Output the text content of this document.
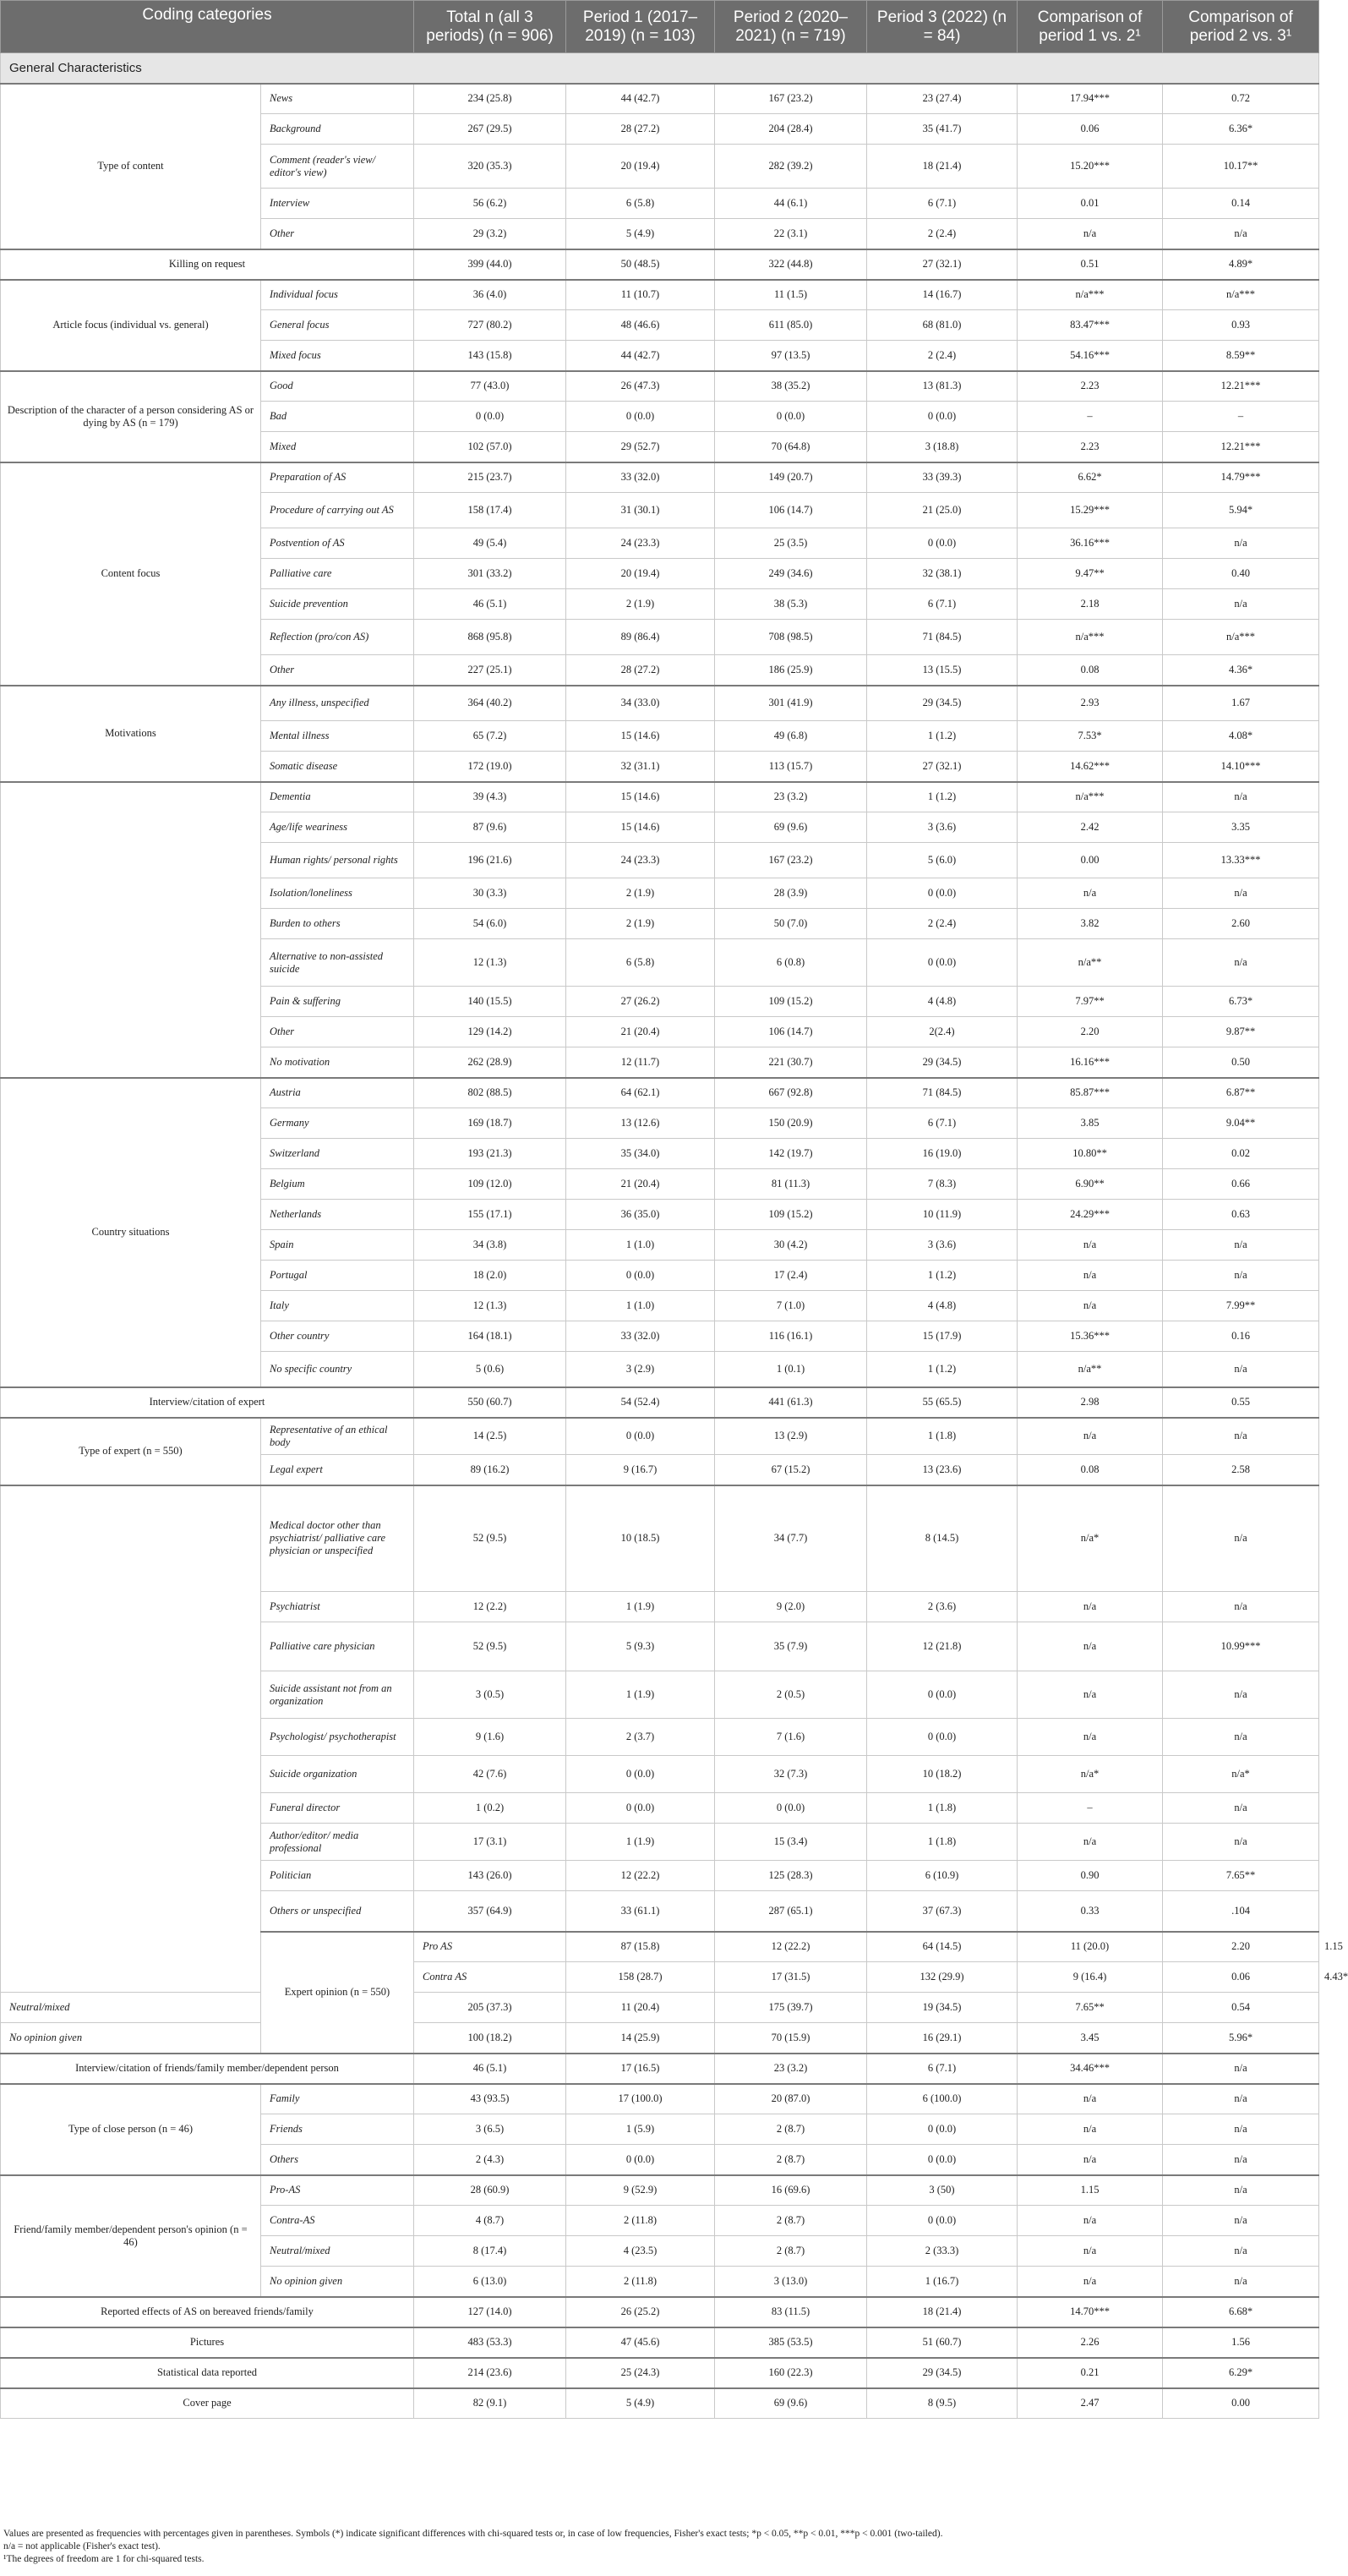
Coding categories		Total n (all 3 periods) (n = 906)	Period 1 (2017–2019) (n = 103)	Period 2 (2020–2021) (n = 719)	Period 3 (2022) (n = 84)	Comparison of period 1 vs. 2¹	Comparison of period 2 vs. 3¹	
General Characteristics								
Type of content	News	234 (25.8)	44 (42.7)	167 (23.2)	23 (27.4)	17.94***	0.72	
	Background	267 (29.5)	28 (27.2)	204 (28.4)	35 (41.7)	0.06	6.36*	
	Comment (reader's view/ editor's view)	320 (35.3)	20 (19.4)	282 (39.2)	18 (21.4)	15.20***	10.17**	
	Interview	56 (6.2)	6 (5.8)	44 (6.1)	6 (7.1)	0.01	0.14	
	Other	29 (3.2)	5 (4.9)	22 (3.1)	2 (2.4)	n/a	n/a	
Killing on request		399 (44.0)	50 (48.5)	322 (44.8)	27 (32.1)	0.51	4.89*	
Article focus (individual vs. general)	Individual focus	36 (4.0)	11 (10.7)	11 (1.5)	14 (16.7)	n/a***	n/a***	
	General focus	727 (80.2)	48 (46.6)	611 (85.0)	68 (81.0)	83.47***	0.93	
	Mixed focus	143 (15.8)	44 (42.7)	97 (13.5)	2 (2.4)	54.16***	8.59**	
Description of the character of a person considering AS or dying by AS (n = 179)	Good	77 (43.0)	26 (47.3)	38 (35.2)	13 (81.3)	2.23	12.21***	
	Bad	0 (0.0)	0 (0.0)	0 (0.0)	0 (0.0)	–	–	
	Mixed	102 (57.0)	29 (52.7)	70 (64.8)	3 (18.8)	2.23	12.21***	
Content focus	Preparation of AS	215 (23.7)	33 (32.0)	149 (20.7)	33 (39.3)	6.62*	14.79***	
	Procedure of carrying out AS	158 (17.4)	31 (30.1)	106 (14.7)	21 (25.0)	15.29***	5.94*	
	Postvention of AS	49 (5.4)	24 (23.3)	25 (3.5)	0 (0.0)	36.16***	n/a	
	Palliative care	301 (33.2)	20 (19.4)	249 (34.6)	32 (38.1)	9.47**	0.40	
	Suicide prevention	46 (5.1)	2 (1.9)	38 (5.3)	6 (7.1)	2.18	n/a	
	Reflection (pro/con AS)	868 (95.8)	89 (86.4)	708 (98.5)	71 (84.5)	n/a***	n/a***	
	Other	227 (25.1)	28 (27.2)	186 (25.9)	13 (15.5)	0.08	4.36*	
Motivations	Any illness, unspecified	364 (40.2)	34 (33.0)	301 (41.9)	29 (34.5)	2.93	1.67	
	Mental illness	65 (7.2)	15 (14.6)	49 (6.8)	1 (1.2)	7.53*	4.08*	
	Somatic disease	172 (19.0)	32 (31.1)	113 (15.7)	27 (32.1)	14.62***	14.10***	
	Dementia	39 (4.3)	15 (14.6)	23 (3.2)	1 (1.2)	n/a***	n/a	
	Age/life weariness	87 (9.6)	15 (14.6)	69 (9.6)	3 (3.6)	2.42	3.35	
	Human rights/ personal rights	196 (21.6)	24 (23.3)	167 (23.2)	5 (6.0)	0.00	13.33***	
	Isolation/loneliness	30 (3.3)	2 (1.9)	28 (3.9)	0 (0.0)	n/a	n/a	
	Burden to others	54 (6.0)	2 (1.9)	50 (7.0)	2 (2.4)	3.82	2.60	
	Alternative to non-assisted suicide	12 (1.3)	6 (5.8)	6 (0.8)	0 (0.0)	n/a**	n/a	
	Pain & suffering	140 (15.5)	27 (26.2)	109 (15.2)	4 (4.8)	7.97**	6.73*	
	Other	129 (14.2)	21 (20.4)	106 (14.7)	2(2.4)	2.20	9.87**	
	No motivation	262 (28.9)	12 (11.7)	221 (30.7)	29 (34.5)	16.16***	0.50	
Country situations	Austria	802 (88.5)	64 (62.1)	667 (92.8)	71 (84.5)	85.87***	6.87**	
	Germany	169 (18.7)	13 (12.6)	150 (20.9)	6 (7.1)	3.85	9.04**	
	Switzerland	193 (21.3)	35 (34.0)	142 (19.7)	16 (19.0)	10.80**	0.02	
	Belgium	109 (12.0)	21 (20.4)	81 (11.3)	7 (8.3)	6.90**	0.66	
	Netherlands	155 (17.1)	36 (35.0)	109 (15.2)	10 (11.9)	24.29***	0.63	
	Spain	34 (3.8)	1 (1.0)	30 (4.2)	3 (3.6)	n/a	n/a	
	Portugal	18 (2.0)	0 (0.0)	17 (2.4)	1 (1.2)	n/a	n/a	
	Italy	12 (1.3)	1 (1.0)	7 (1.0)	4 (4.8)	n/a	7.99**	
	Other country	164 (18.1)	33 (32.0)	116 (16.1)	15 (17.9)	15.36***	0.16	
	No specific country	5 (0.6)	3 (2.9)	1 (0.1)	1 (1.2)	n/a**	n/a	
Interview/citation of expert		550 (60.7)	54 (52.4)	441 (61.3)	55 (65.5)	2.98	0.55	
Type of expert (n = 550)	Representative of an ethical body	14 (2.5)	0 (0.0)	13 (2.9)	1 (1.8)	n/a	n/a	
	Legal expert	89 (16.2)	9 (16.7)	67 (15.2)	13 (23.6)	0.08	2.58	
	Medical doctor other than psychiatrist/ palliative care physician or unspecified	52 (9.5)	10 (18.5)	34 (7.7)	8 (14.5)	n/a*	n/a	
	Psychiatrist	12 (2.2)	1 (1.9)	9 (2.0)	2 (3.6)	n/a	n/a	
	Palliative care physician	52 (9.5)	5 (9.3)	35 (7.9)	12 (21.8)	n/a	10.99***	
	Suicide assistant not from an organization	3 (0.5)	1 (1.9)	2 (0.5)	0 (0.0)	n/a	n/a	
	Psychologist/ psychotherapist	9 (1.6)	2 (3.7)	7 (1.6)	0 (0.0)	n/a	n/a	
	Suicide organization	42 (7.6)	0 (0.0)	32 (7.3)	10 (18.2)	n/a*	n/a*	
	Funeral director	1 (0.2)	0 (0.0)	0 (0.0)	1 (1.8)	–	n/a	
	Author/editor/ media professional	17 (3.1)	1 (1.9)	15 (3.4)	1 (1.8)	n/a	n/a	
	Politician	143 (26.0)	12 (22.2)	125 (28.3)	6 (10.9)	0.90	7.65**	
	Others or unspecified	357 (64.9)	33 (61.1)	287 (65.1)	37 (67.3)	0.33	.104	
	Expert opinion (n = 550)	Pro AS	87 (15.8)	12 (22.2)	64 (14.5)	11 (20.0)	2.20	1.15
		Contra AS	158 (28.7)	17 (31.5)	132 (29.9)	9 (16.4)	0.06	4.43*
Neutral/mixed		205 (37.3)	11 (20.4)	175 (39.7)	19 (34.5)	7.65**	0.54	
No opinion given		100 (18.2)	14 (25.9)	70 (15.9)	16 (29.1)	3.45	5.96*	
Interview/citation of friends/family member/dependent person		46 (5.1)	17 (16.5)	23 (3.2)	6 (7.1)	34.46***	n/a	
Type of close person (n = 46)	Family	43 (93.5)	17 (100.0)	20 (87.0)	6 (100.0)	n/a	n/a	
	Friends	3 (6.5)	1 (5.9)	2 (8.7)	0 (0.0)	n/a	n/a	
	Others	2 (4.3)	0 (0.0)	2 (8.7)	0 (0.0)	n/a	n/a	
Friend/family member/dependent person's opinion (n = 46)	Pro-AS	28 (60.9)	9 (52.9)	16 (69.6)	3 (50)	1.15	n/a	
	Contra-AS	4 (8.7)	2 (11.8)	2 (8.7)	0 (0.0)	n/a	n/a	
	Neutral/mixed	8 (17.4)	4 (23.5)	2 (8.7)	2 (33.3)	n/a	n/a	
	No opinion given	6 (13.0)	2 (11.8)	3 (13.0)	1 (16.7)	n/a	n/a	
Reported effects of AS on bereaved friends/family		127 (14.0)	26 (25.2)	83 (11.5)	18 (21.4)	14.70***	6.68*	
Pictures		483 (53.3)	47 (45.6)	385 (53.5)	51 (60.7)	2.26	1.56	
Statistical data reported		214 (23.6)	25 (24.3)	160 (22.3)	29 (34.5)	0.21	6.29*	
Cover page		82 (9.1)	5 (4.9)	69 (9.6)	8 (9.5)	2.47	0.00	
Values are presented as frequencies with percentages given in parentheses. Symbols (*) indicate significant differences with chi-squared tests or, in case of low frequencies, Fisher's exact tests; *p < 0.05, **p < 0.01, ***p < 0.001 (two-tailed).
n/a = not applicable (Fisher's exact test).
¹The degrees of freedom are 1 for chi-squared tests.
